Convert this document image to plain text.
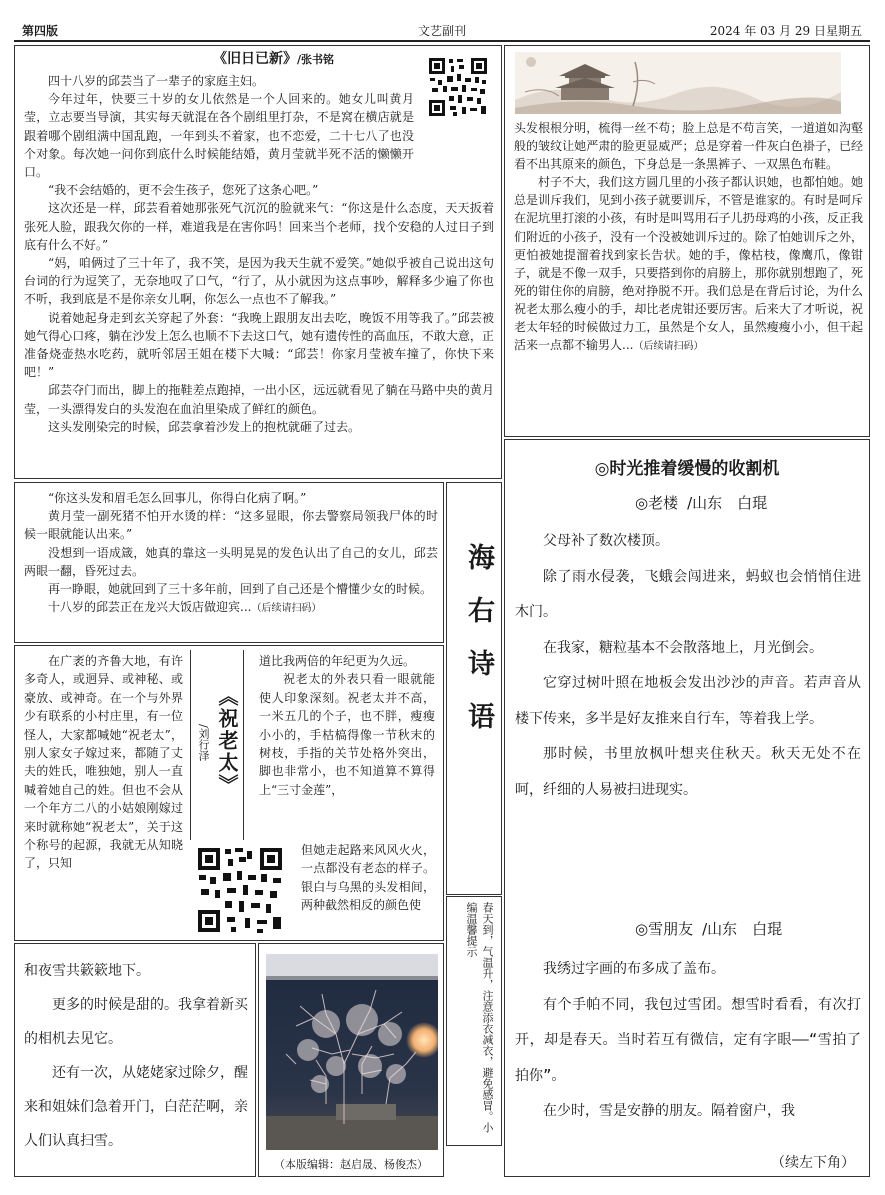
第四版	文艺副刊	2024 年 03 月 29 日星期五
《旧日已新》/张书铭

四十八岁的邱芸当了一辈子的家庭主妇。

今年过年，快要三十岁的女儿依然是一个人回来的。她女儿叫黄月莹，立志要当导演，其实每天就混在各个剧组里打杂，不是窝在横店就是跟着哪个剧组满中国乱跑，一年到头不着家，也不恋爱，二十七八了也没个对象。每次她一问你到底什么时候能结婚，黄月莹就半死不活的懒懒开口。

“我不会结婚的，更不会生孩子，您死了这条心吧。”

这次还是一样，邱芸看着她那张死气沉沉的脸就来气：“你这是什么态度，天天扳着张死人脸，跟我欠你的一样，难道我是在害你吗！回来当个老师，找个安稳的人过日子到底有什么不好。”

“妈，咱俩过了三十年了，我不笑，是因为我天生就不爱笑。”她似乎被自己说出这句台词的行为逗笑了，无奈地叹了口气，“行了，从小就因为这点事吵，解释多少遍了你也不听，我到底是不是你亲女儿啊，你怎么一点也不了解我。”

说着她起身走到玄关穿起了外套：“我晚上跟朋友出去吃，晚饭不用等我了。”邱芸被她气得心口疼，躺在沙发上怎么也顺不下去这口气，她有遗传性的高血压，不敢大意，正准备烧壶热水吃药，就听邻居王姐在楼下大喊：“邱芸！你家月莹被车撞了，你快下来吧！”

邱芸夺门而出，脚上的拖鞋差点跑掉，一出小区，远远就看见了躺在马路中央的黄月莹，一头漂得发白的头发泡在血泊里染成了鲜红的颜色。

这头发刚染完的时候，邱芸拿着沙发上的抱枕就砸了过去。

“你这头发和眉毛怎么回事儿，你得白化病了啊。”

黄月莹一副死猪不怕开水烫的样：“这多显眼，你去警察局领我尸体的时候一眼就能认出来。”

没想到一语成箴，她真的靠这一头明晃晃的发色认出了自己的女儿，邱芸两眼一翻，昏死过去。

再一睁眼，她就回到了三十多年前，回到了自己还是个懵懂少女的时候。

十八岁的邱芸正在龙兴大饭店做迎宾...（后续请扫码）

在广袤的齐鲁大地，有许多奇人，或迥异、或神秘、或豪放、或神奇。在一个与外界少有联系的小村庄里，有一位怪人，大家都喊她“祝老太”，别人家女子嫁过来，都随了丈夫的姓氏，唯独她，别人一直喊着她自己的姓。但也不会从一个年方二八的小姑娘刚嫁过来时就称她“祝老太”，关于这个称号的起源，我就无从知晓了，只知
《祝老太》
/刘行泽
道比我两倍的年纪更为久远。
祝老太的外表只看一眼就能使人印象深刻。祝老太并不高，一米五几的个子，也不胖，瘦瘦小小的，手枯槁得像一节秋末的树枝，手指的关节处格外突出，脚也非常小，也不知道算不算得上“三寸金莲”，
但她走起路来风风火火，一点都没有老态的样子。银白与乌黑的头发相间，两种截然相反的颜色使
海右诗语
春天到，气温升，注意添衣减衣，避免感冒。小编温馨提示
头发根根分明，梳得一丝不苟；脸上总是不苟言笑，一道道如沟壑般的皱纹让她严肃的脸更显威严；总是穿着一件灰白色褂子，已经看不出其原来的颜色，下身总是一条黑裤子、一双黑色布鞋。

村子不大，我们这方圆几里的小孩子都认识她，也都怕她。她总是训斥我们，见到小孩子就要训斥，不管是谁家的。有时是呵斥在泥坑里打滚的小孩，有时是叫骂用石子儿扔母鸡的小孩，反正我们附近的小孩子，没有一个没被她训斥过的。除了怕她训斥之外，更怕被她提溜着找到家长告状。她的手，像枯枝，像鹰爪，像钳子，就是不像一双手，只要搭到你的肩膀上，那你就别想跑了，死死的钳住你的肩膀，绝对挣脱不开。我们总是在背后讨论，为什么祝老太那么瘦小的手，却比老虎钳还要厉害。后来大了才听说，祝老太年轻的时候做过力工，虽然是个女人，虽然瘦瘦小小，但干起活来一点都不输男人...（后续请扫码）

◎时光推着缓慢的收割机
◎老楼 /山东　白琨

父母补了数次楼顶。

除了雨水侵袭，飞蛾会闯进来，蚂蚁也会悄悄住进木门。

在我家，糖粒基本不会散落地上，月光倒会。

它穿过树叶照在地板会发出沙沙的声音。若声音从楼下传来，多半是好友推来自行车，等着我上学。

那时候，书里放枫叶想夹住秋天。秋天无处不在呵，纤细的人易被扫进现实。

◎雪朋友 /山东　白琨

我绣过字画的布多成了盖布。

有个手帕不同，我包过雪团。想雪时看看，有次打开，却是春天。当时若互有微信，定有字眼——“雪拍了拍你”。

在少时，雪是安静的朋友。隔着窗户，我

（续左下角）
和夜雪共簌簌地下。

更多的时候是甜的。我拿着新买的相机去见它。

还有一次，从姥姥家过除夕，醒来和姐妹们急着开门，白茫茫啊，亲人们认真扫雪。

（本版编辑：赵启晟、杨俊杰）
